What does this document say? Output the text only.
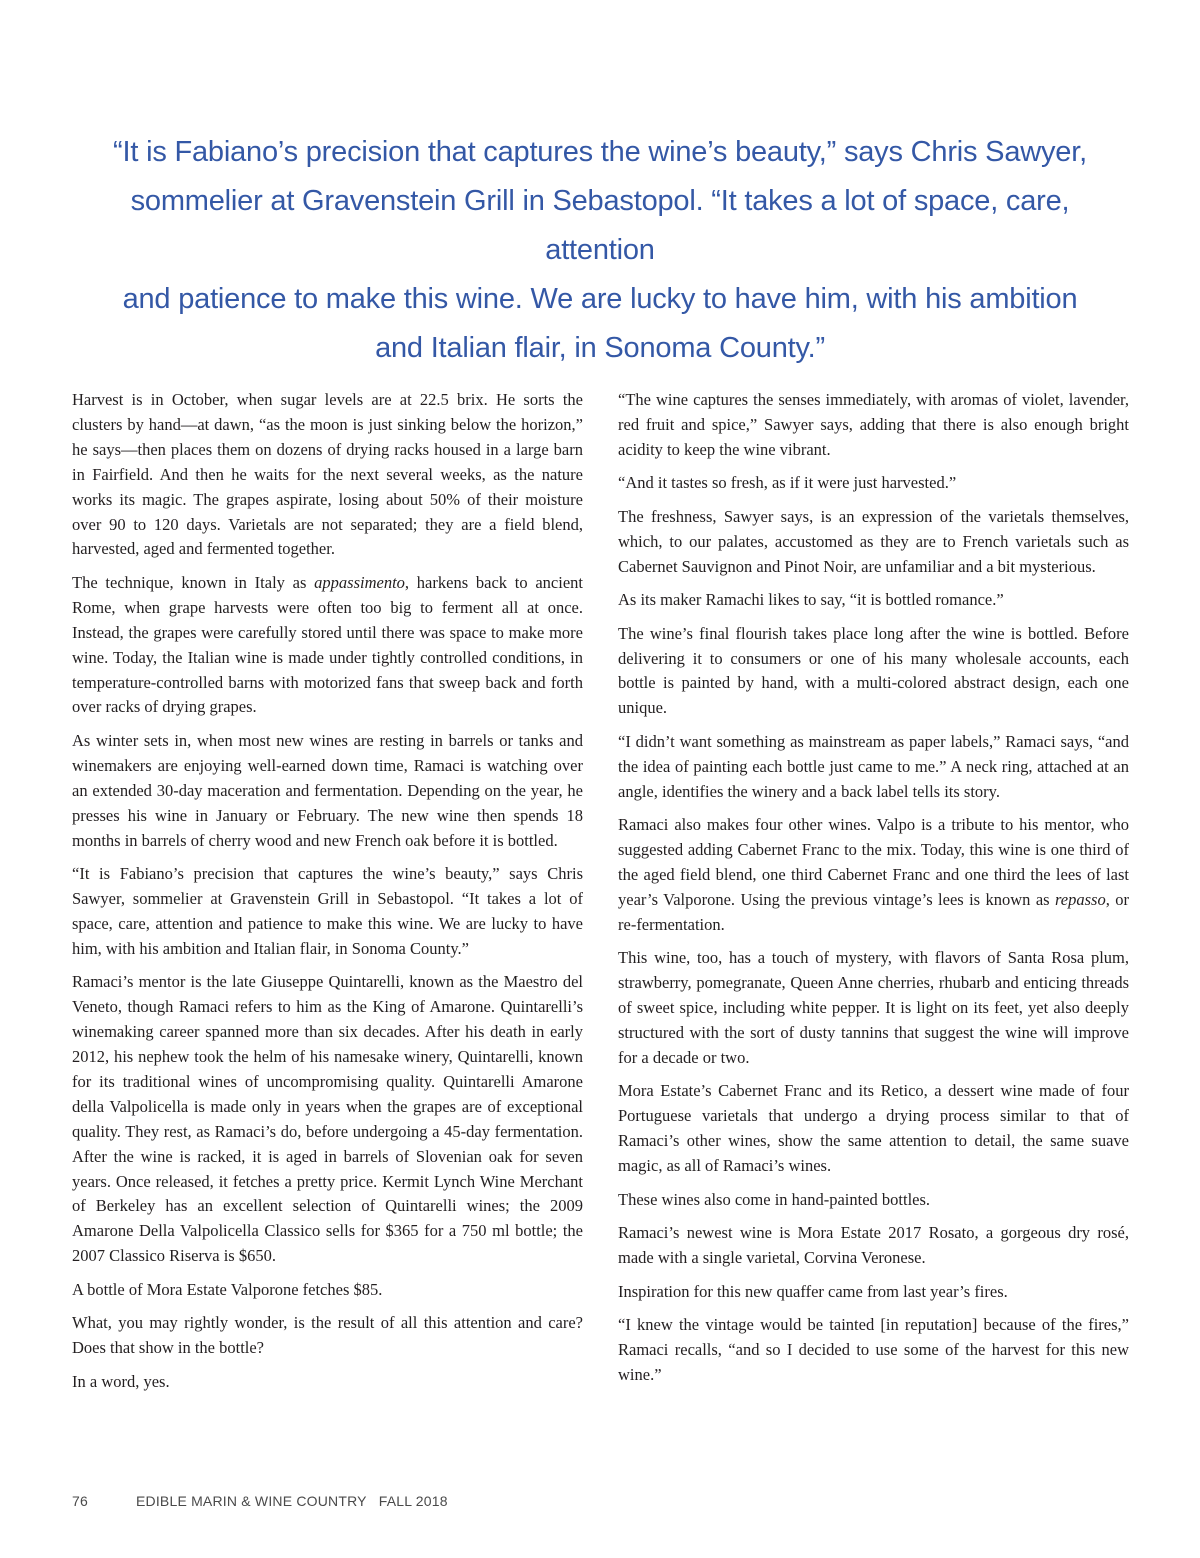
“It is Fabiano’s precision that captures the wine’s beauty,” says Chris Sawyer,
sommelier at Gravenstein Grill in Sebastopol. “It takes a lot of space, care, attention
and patience to make this wine. We are lucky to have him, with his ambition
and Italian flair, in Sonoma County.”

Harvest is in October, when sugar levels are at 22.5 brix. He sorts the clusters by hand—at dawn, “as the moon is just sinking below the horizon,” he says—then places them on dozens of drying racks housed in a large barn in Fairfield. And then he waits for the next several weeks, as the nature works its magic. The grapes aspirate, losing about 50% of their moisture over 90 to 120 days. Varietals are not separated; they are a field blend, harvested, aged and fermented together.

The technique, known in Italy as appassimento, harkens back to ancient Rome, when grape harvests were often too big to ferment all at once. Instead, the grapes were carefully stored until there was space to make more wine. Today, the Italian wine is made under tightly controlled conditions, in temperature-controlled barns with motorized fans that sweep back and forth over racks of drying grapes.

As winter sets in, when most new wines are resting in barrels or tanks and winemakers are enjoying well-earned down time, Ramaci is watching over an extended 30-day maceration and fermentation. Depending on the year, he presses his wine in January or February. The new wine then spends 18 months in barrels of cherry wood and new French oak before it is bottled.

“It is Fabiano’s precision that captures the wine’s beauty,” says Chris Sawyer, sommelier at Gravenstein Grill in Sebastopol. “It takes a lot of space, care, attention and patience to make this wine. We are lucky to have him, with his ambition and Italian flair, in Sonoma County.”

Ramaci’s mentor is the late Giuseppe Quintarelli, known as the Maestro del Veneto, though Ramaci refers to him as the King of Amarone. Quintarelli’s winemaking career spanned more than six decades. After his death in early 2012, his nephew took the helm of his namesake winery, Quintarelli, known for its traditional wines of uncompromising quality. Quintarelli Amarone della Valpolicella is made only in years when the grapes are of exceptional quality. They rest, as Ramaci’s do, before undergoing a 45-day fermentation. After the wine is racked, it is aged in barrels of Slovenian oak for seven years. Once released, it fetches a pretty price. Kermit Lynch Wine Merchant of Berkeley has an excellent selection of Quintarelli wines; the 2009 Amarone Della Valpolicella Classico sells for $365 for a 750 ml bottle; the 2007 Classico Riserva is $650.

A bottle of Mora Estate Valporone fetches $85.

What, you may rightly wonder, is the result of all this attention and care? Does that show in the bottle?

In a word, yes.

“The wine captures the senses immediately, with aromas of violet, lavender, red fruit and spice,” Sawyer says, adding that there is also enough bright acidity to keep the wine vibrant.

“And it tastes so fresh, as if it were just harvested.”

The freshness, Sawyer says, is an expression of the varietals themselves, which, to our palates, accustomed as they are to French varietals such as Cabernet Sauvignon and Pinot Noir, are unfamiliar and a bit mysterious.

As its maker Ramachi likes to say, “it is bottled romance.”

The wine’s final flourish takes place long after the wine is bottled. Before delivering it to consumers or one of his many wholesale accounts, each bottle is painted by hand, with a multi-colored abstract design, each one unique.

“I didn’t want something as mainstream as paper labels,” Ramaci says, “and the idea of painting each bottle just came to me.” A neck ring, attached at an angle, identifies the winery and a back label tells its story.

Ramaci also makes four other wines. Valpo is a tribute to his mentor, who suggested adding Cabernet Franc to the mix. Today, this wine is one third of the aged field blend, one third Cabernet Franc and one third the lees of last year’s Valporone. Using the previous vintage’s lees is known as repasso, or re-fermentation.

This wine, too, has a touch of mystery, with flavors of Santa Rosa plum, strawberry, pomegranate, Queen Anne cherries, rhubarb and enticing threads of sweet spice, including white pepper. It is light on its feet, yet also deeply structured with the sort of dusty tannins that suggest the wine will improve for a decade or two.

Mora Estate’s Cabernet Franc and its Retico, a dessert wine made of four Portuguese varietals that undergo a drying process similar to that of Ramaci’s other wines, show the same attention to detail, the same suave magic, as all of Ramaci’s wines.

These wines also come in hand-painted bottles.

Ramaci’s newest wine is Mora Estate 2017 Rosato, a gorgeous dry rosé, made with a single varietal, Corvina Veronese.

Inspiration for this new quaffer came from last year’s fires.

“I knew the vintage would be tainted [in reputation] because of the fires,” Ramaci recalls, “and so I decided to use some of the harvest for this new wine.”

76	EDIBLE MARIN & WINE COUNTRY FALL 2018
